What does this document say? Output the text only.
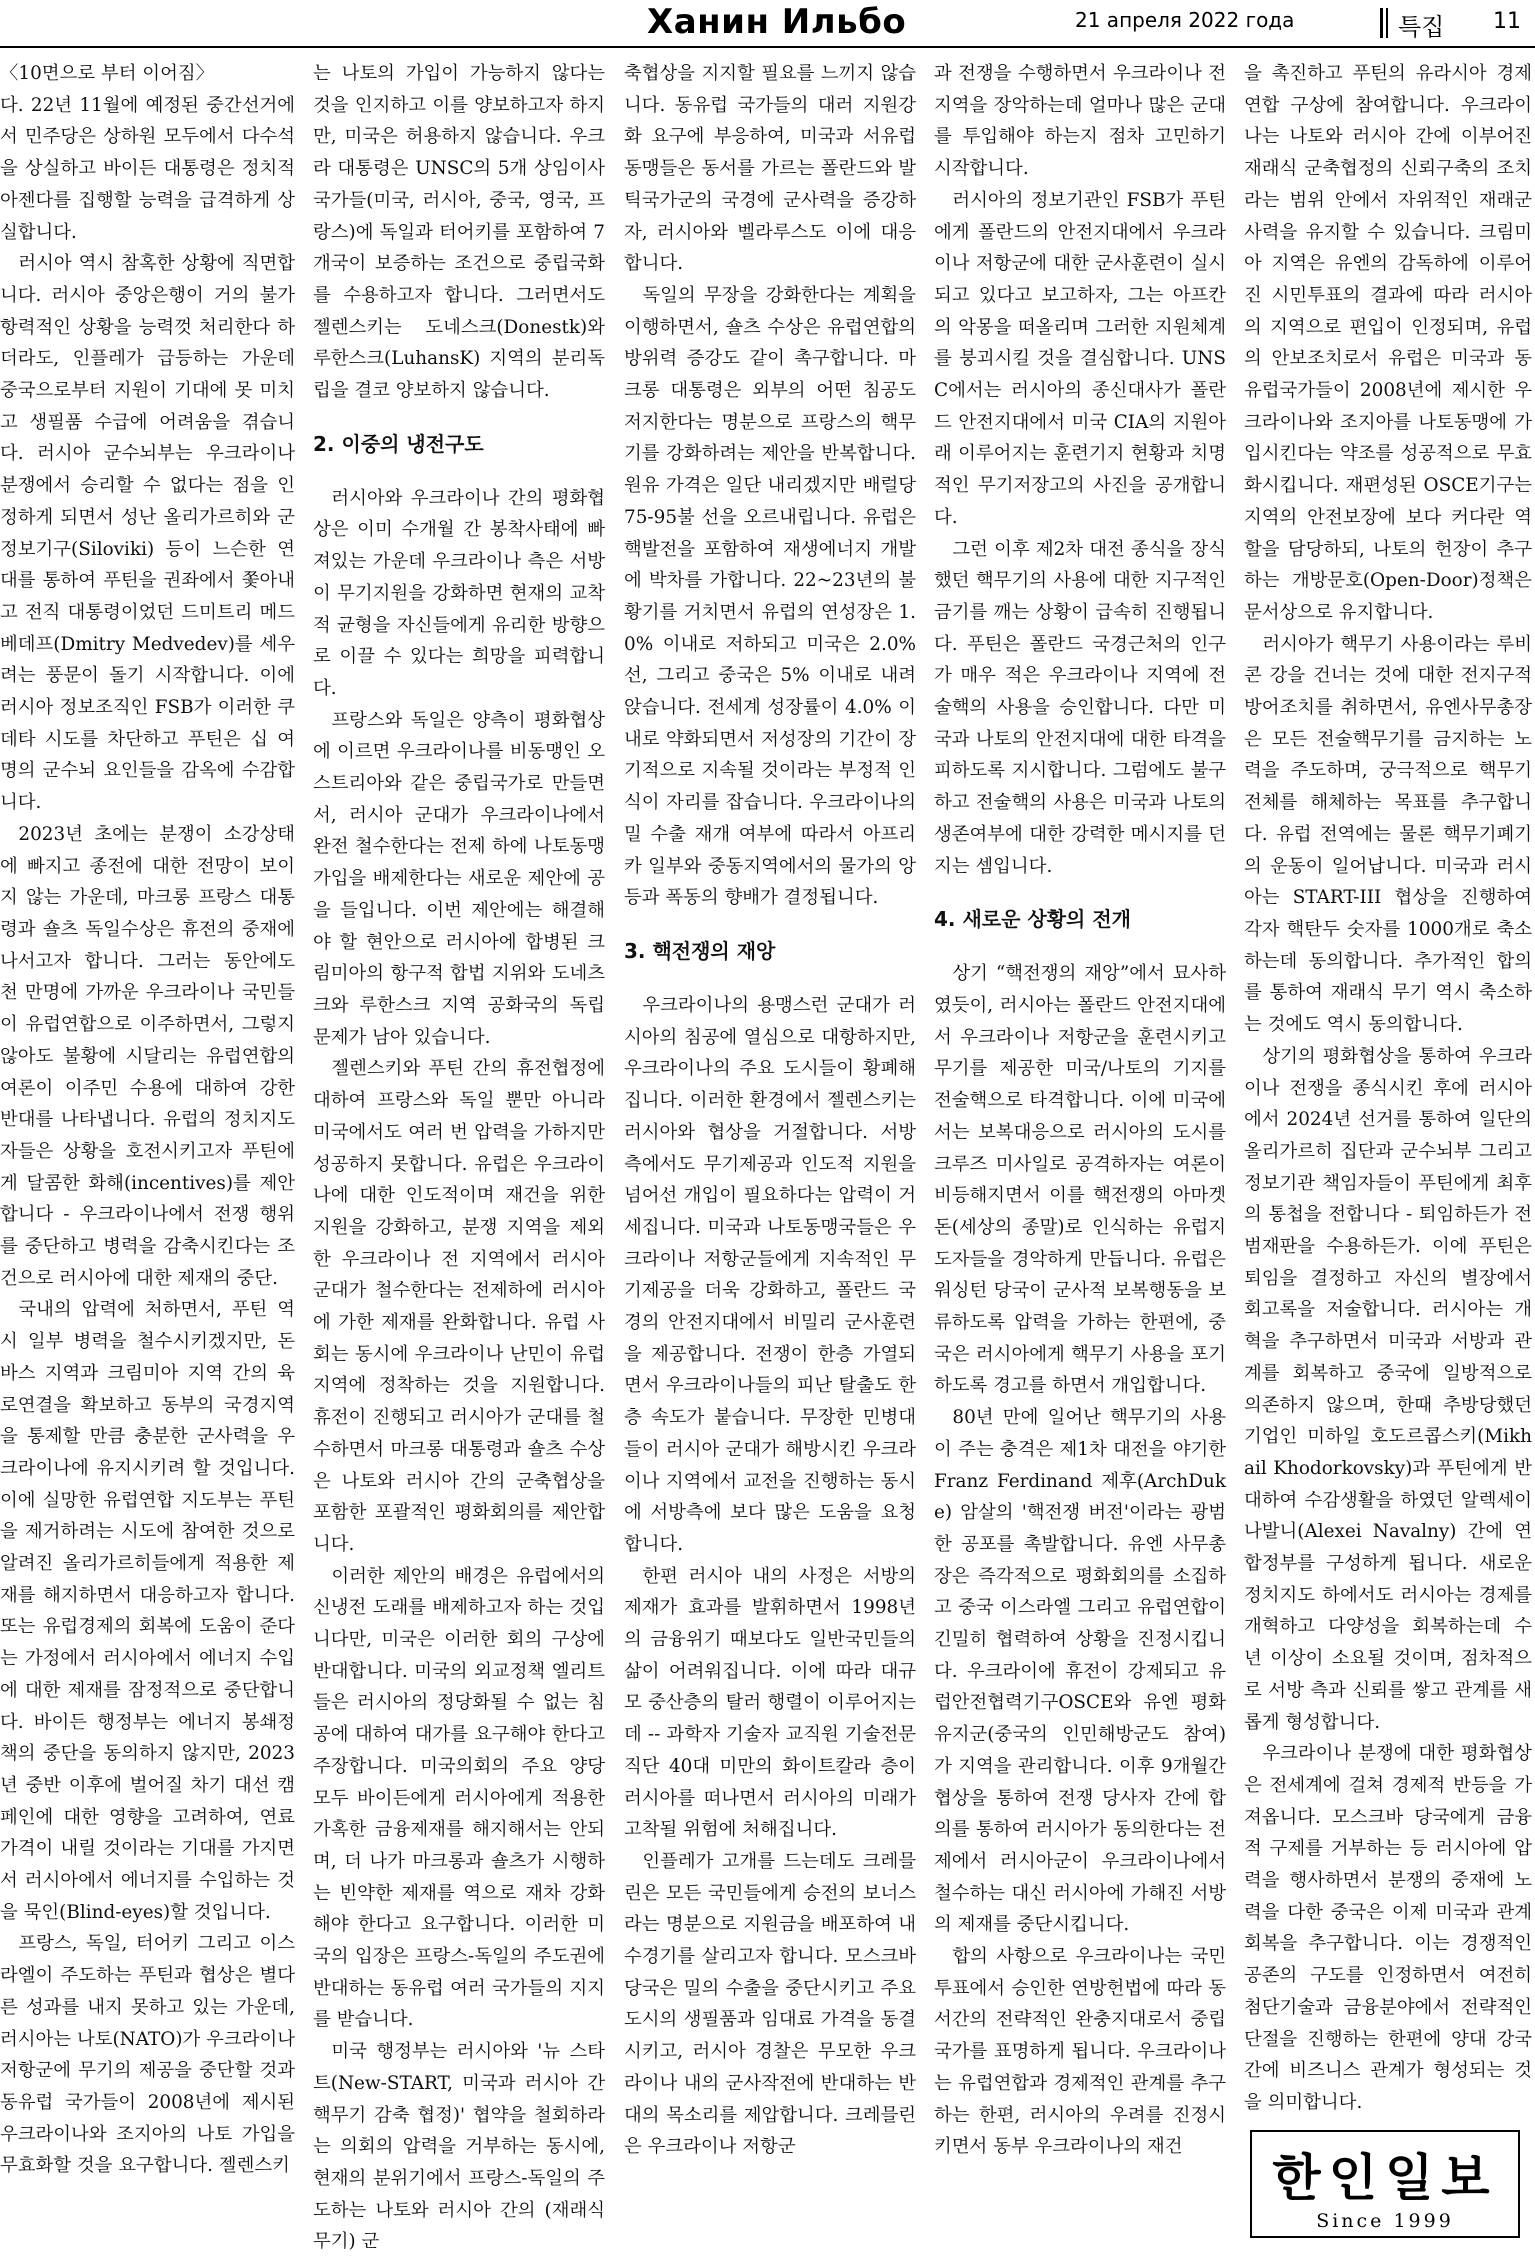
Ханин Ильбо	21 апреля 2022 года	특집 11

〈10면으로 부터 이어짐〉

다. 22년 11월에 예정된 중간선거에서 민주당은 상하원 모두에서 다수석을 상실하고 바이든 대통령은 정치적 아젠다를 집행할 능력을 급격하게 상실합니다.

러시아 역시 참혹한 상황에 직면합니다. 러시아 중앙은행이 거의 불가항력적인 상황을 능력껏 처리한다 하더라도, 인플레가 급등하는 가운데 중국으로부터 지원이 기대에 못 미치고 생필품 수급에 어려움을 겪습니다. 러시아 군수뇌부는 우크라이나 분쟁에서 승리할 수 없다는 점을 인정하게 되면서 성난 올리가르히와 군정보기구(Siloviki) 등이 느슨한 연대를 통하여 푸틴을 권좌에서 쫓아내고 전직 대통령이었던 드미트리 메드베데프(Dmitry Medvedev)를 세우려는 풍문이 돌기 시작합니다. 이에 러시아 정보조직인 FSB가 이러한 쿠데타 시도를 차단하고 푸틴은 십 여명의 군수뇌 요인들을 감옥에 수감합니다.

2023년 초에는 분쟁이 소강상태에 빠지고 종전에 대한 전망이 보이지 않는 가운데, 마크롱 프랑스 대통령과 숄츠 독일수상은 휴전의 중재에 나서고자 합니다. 그러는 동안에도 천 만명에 가까운 우크라이나 국민들이 유럽연합으로 이주하면서, 그렇지 않아도 불황에 시달리는 유럽연합의 여론이 이주민 수용에 대하여 강한 반대를 나타냅니다. 유럽의 정치지도자들은 상황을 호전시키고자 푸틴에게 달콤한 화해(incentives)를 제안합니다 - 우크라이나에서 전쟁 행위를 중단하고 병력을 감축시킨다는 조건으로 러시아에 대한 제재의 중단.

국내의 압력에 처하면서, 푸틴 역시 일부 병력을 철수시키겠지만, 돈바스 지역과 크림미아 지역 간의 육로연결을 확보하고 동부의 국경지역을 통제할 만큼 충분한 군사력을 우크라이나에 유지시키려 할 것입니다. 이에 실망한 유럽연합 지도부는 푸틴을 제거하려는 시도에 참여한 것으로 알려진 올리가르히들에게 적용한 제재를 해지하면서 대응하고자 합니다. 또는 유럽경제의 회복에 도움이 준다는 가정에서 러시아에서 에너지 수입에 대한 제재를 잠정적으로 중단합니다. 바이든 행정부는 에너지 봉쇄정책의 중단을 동의하지 않지만, 2023년 중반 이후에 벌어질 차기 대선 캠페인에 대한 영향을 고려하여, 연료가격이 내릴 것이라는 기대를 가지면서 러시아에서 에너지를 수입하는 것을 묵인(Blind-eyes)할 것입니다.

프랑스, 독일, 터어키 그리고 이스라엘이 주도하는 푸틴과 협상은 별다른 성과를 내지 못하고 있는 가운데, 러시아는 나토(NATO)가 우크라이나 저항군에 무기의 제공을 중단할 것과 동유럽 국가들이 2008년에 제시된 우크라이나와 조지아의 나토 가입을 무효화할 것을 요구합니다. 젤렌스키

는 나토의 가입이 가능하지 않다는 것을 인지하고 이를 양보하고자 하지만, 미국은 허용하지 않습니다. 우크라 대통령은 UNSC의 5개 상임이사 국가들(미국, 러시아, 중국, 영국, 프랑스)에 독일과 터어키를 포함하여 7개국이 보증하는 조건으로 중립국화를 수용하고자 합니다. 그러면서도 젤렌스키는 도네스크(Donestk)와 루한스크(LuhansK) 지역의 분리독립을 결코 양보하지 않습니다.

2. 이중의 냉전구도

러시아와 우크라이나 간의 평화협상은 이미 수개월 간 봉착사태에 빠져있는 가운데 우크라이나 측은 서방이 무기지원을 강화하면 현재의 교착적 균형을 자신들에게 유리한 방향으로 이끌 수 있다는 희망을 피력합니다.

프랑스와 독일은 양측이 평화협상에 이르면 우크라이나를 비동맹인 오스트리아와 같은 중립국가로 만들면서, 러시아 군대가 우크라이나에서 완전 철수한다는 전제 하에 나토동맹 가입을 배제한다는 새로운 제안에 공을 들입니다. 이번 제안에는 해결해야 할 현안으로 러시아에 합병된 크림미아의 항구적 합법 지위와 도네츠크와 루한스크 지역 공화국의 독립 문제가 남아 있습니다.

젤렌스키와 푸틴 간의 휴전협정에 대하여 프랑스와 독일 뿐만 아니라 미국에서도 여러 번 압력을 가하지만 성공하지 못합니다. 유럽은 우크라이나에 대한 인도적이며 재건을 위한 지원을 강화하고, 분쟁 지역을 제외한 우크라이나 전 지역에서 러시아 군대가 철수한다는 전제하에 러시아에 가한 제재를 완화합니다. 유럽 사회는 동시에 우크라이나 난민이 유럽 지역에 정착하는 것을 지원합니다. 휴전이 진행되고 러시아가 군대를 철수하면서 마크롱 대통령과 숄츠 수상은 나토와 러시아 간의 군축협상을 포함한 포괄적인 평화회의를 제안합니다.

이러한 제안의 배경은 유럽에서의 신냉전 도래를 배제하고자 하는 것입니다만, 미국은 이러한 회의 구상에 반대합니다. 미국의 외교정책 엘리트들은 러시아의 정당화될 수 없는 침공에 대하여 대가를 요구해야 한다고 주장합니다. 미국의회의 주요 양당 모두 바이든에게 러시아에게 적용한 가혹한 금융제재를 해지해서는 안되며, 더 나가 마크롱과 숄츠가 시행하는 빈약한 제재를 역으로 재차 강화해야 한다고 요구합니다. 이러한 미국의 입장은 프랑스-독일의 주도권에 반대하는 동유럽 여러 국가들의 지지를 받습니다.

미국 행정부는 러시아와 '뉴 스타트(New-START, 미국과 러시아 간 핵무기 감축 협정)' 협약을 철회하라는 의회의 압력을 거부하는 동시에, 현재의 분위기에서 프랑스-독일의 주도하는 나토와 러시아 간의 (재래식 무기) 군

축협상을 지지할 필요를 느끼지 않습니다. 동유럽 국가들의 대러 지원강화 요구에 부응하여, 미국과 서유럽 동맹들은 동서를 가르는 폴란드와 발틱국가군의 국경에 군사력을 증강하자, 러시아와 벨라루스도 이에 대응합니다.

독일의 무장을 강화한다는 계획을 이행하면서, 숄츠 수상은 유럽연합의 방위력 증강도 같이 촉구합니다. 마크롱 대통령은 외부의 어떤 침공도 저지한다는 명분으로 프랑스의 핵무기를 강화하려는 제안을 반복합니다. 원유 가격은 일단 내리겠지만 배럴당 75-95불 선을 오르내립니다. 유럽은 핵발전을 포함하여 재생에너지 개발에 박차를 가합니다. 22~23년의 불황기를 거치면서 유럽의 연성장은 1.0% 이내로 저하되고 미국은 2.0% 선, 그리고 중국은 5% 이내로 내려 앉습니다. 전세계 성장률이 4.0% 이내로 약화되면서 저성장의 기간이 장기적으로 지속될 것이라는 부정적 인식이 자리를 잡습니다. 우크라이나의 밀 수출 재개 여부에 따라서 아프리카 일부와 중동지역에서의 물가의 앙등과 폭동의 향배가 결정됩니다.

3. 핵전쟁의 재앙

우크라이나의 용맹스런 군대가 러시아의 침공에 열심으로 대항하지만, 우크라이나의 주요 도시들이 황폐해집니다. 이러한 환경에서 젤렌스키는 러시아와 협상을 거절합니다. 서방 측에서도 무기제공과 인도적 지원을 넘어선 개입이 필요하다는 압력이 거세집니다. 미국과 나토동맹국들은 우크라이나 저항군들에게 지속적인 무기제공을 더욱 강화하고, 폴란드 국경의 안전지대에서 비밀리 군사훈련을 제공합니다. 전쟁이 한층 가열되면서 우크라이나들의 피난 탈출도 한층 속도가 붙습니다. 무장한 민병대들이 러시아 군대가 해방시킨 우크라이나 지역에서 교전을 진행하는 동시에 서방측에 보다 많은 도움을 요청합니다.

한편 러시아 내의 사정은 서방의 제재가 효과를 발휘하면서 1998년의 금융위기 때보다도 일반국민들의 삶이 어려워집니다. 이에 따라 대규모 중산층의 탈러 행렬이 이루어지는데 -- 과학자 기술자 교직원 기술전문직단 40대 미만의 화이트칼라 층이 러시아를 떠나면서 러시아의 미래가 고착될 위험에 처해집니다.

인플레가 고개를 드는데도 크레믈린은 모든 국민들에게 승전의 보너스라는 명분으로 지원금을 배포하여 내수경기를 살리고자 합니다. 모스크바 당국은 밀의 수출을 중단시키고 주요 도시의 생필품과 임대료 가격을 동결시키고, 러시아 경찰은 무모한 우크라이나 내의 군사작전에 반대하는 반대의 목소리를 제압합니다. 크레믈린은 우크라이나 저항군

과 전쟁을 수행하면서 우크라이나 전 지역을 장악하는데 얼마나 많은 군대를 투입해야 하는지 점차 고민하기 시작합니다.

러시아의 정보기관인 FSB가 푸틴에게 폴란드의 안전지대에서 우크라이나 저항군에 대한 군사훈련이 실시되고 있다고 보고하자, 그는 아프칸의 악몽을 떠올리며 그러한 지원체계를 붕괴시킬 것을 결심합니다. UNSC에서는 러시아의 종신대사가 폴란드 안전지대에서 미국 CIA의 지원아래 이루어지는 훈련기지 현황과 치명적인 무기저장고의 사진을 공개합니다.

그런 이후 제2차 대전 종식을 장식했던 핵무기의 사용에 대한 지구적인 금기를 깨는 상황이 급속히 진행됩니다. 푸틴은 폴란드 국경근처의 인구가 매우 적은 우크라이나 지역에 전술핵의 사용을 승인합니다. 다만 미국과 나토의 안전지대에 대한 타격을 피하도록 지시합니다. 그럼에도 불구하고 전술핵의 사용은 미국과 나토의 생존여부에 대한 강력한 메시지를 던지는 셈입니다.

4. 새로운 상황의 전개

상기 “핵전쟁의 재앙”에서 묘사하였듯이, 러시아는 폴란드 안전지대에서 우크라이나 저항군을 훈련시키고 무기를 제공한 미국/나토의 기지를 전술핵으로 타격합니다. 이에 미국에서는 보복대응으로 러시아의 도시를 크루즈 미사일로 공격하자는 여론이 비등해지면서 이를 핵전쟁의 아마겟돈(세상의 종말)로 인식하는 유럽지도자들을 경악하게 만듭니다. 유럽은 워싱턴 당국이 군사적 보복행동을 보류하도록 압력을 가하는 한편에, 중국은 러시아에게 핵무기 사용을 포기하도록 경고를 하면서 개입합니다.

80년 만에 일어난 핵무기의 사용이 주는 충격은 제1차 대전을 야기한 Franz Ferdinand 제후(ArchDuke) 암살의 '핵전쟁 버전'이라는 광범한 공포를 촉발합니다. 유엔 사무총장은 즉각적으로 평화회의를 소집하고 중국 이스라엘 그리고 유럽연합이 긴밀히 협력하여 상황을 진정시킵니다. 우크라이에 휴전이 강제되고 유럽안전협력기구OSCE와 유엔 평화유지군(중국의 인민해방군도 참여)가 지역을 관리합니다. 이후 9개월간 협상을 통하여 전쟁 당사자 간에 합의를 통하여 러시아가 동의한다는 전제에서 러시아군이 우크라이나에서 철수하는 대신 러시아에 가해진 서방의 제재를 중단시킵니다.

합의 사항으로 우크라이나는 국민투표에서 승인한 연방헌법에 따라 동서간의 전략적인 완충지대로서 중립국가를 표명하게 됩니다. 우크라이나는 유럽연합과 경제적인 관계를 추구하는 한편, 러시아의 우려를 진정시키면서 동부 우크라이나의 재건

을 촉진하고 푸틴의 유라시아 경제연합 구상에 참여합니다. 우크라이나는 나토와 러시아 간에 이부어진 재래식 군축협정의 신뢰구축의 조치라는 범위 안에서 자위적인 재래군사력을 유지할 수 있습니다. 크림미아 지역은 유엔의 감독하에 이루어진 시민투표의 결과에 따라 러시아의 지역으로 편입이 인정되며, 유럽의 안보조치로서 유럽은 미국과 동유럽국가들이 2008년에 제시한 우크라이나와 조지아를 나토동맹에 가입시킨다는 약조를 성공적으로 무효화시킵니다. 재편성된 OSCE기구는 지역의 안전보장에 보다 커다란 역할을 담당하되, 나토의 헌장이 추구하는 개방문호(Open-Door)정책은 문서상으로 유지합니다.

러시아가 핵무기 사용이라는 루비콘 강을 건너는 것에 대한 전지구적 방어조치를 취하면서, 유엔사무총장은 모든 전술핵무기를 금지하는 노력을 주도하며, 궁극적으로 핵무기 전체를 해체하는 목표를 추구합니다. 유럽 전역에는 물론 핵무기폐기의 운동이 일어납니다. 미국과 러시아는 START-III 협상을 진행하여 각자 핵탄두 숫자를 1000개로 축소하는데 동의합니다. 추가적인 합의를 통하여 재래식 무기 역시 축소하는 것에도 역시 동의합니다.

상기의 평화협상을 통하여 우크라이나 전쟁을 종식시킨 후에 러시아에서 2024년 선거를 통하여 일단의 올리가르히 집단과 군수뇌부 그리고 정보기관 책임자들이 푸틴에게 최후의 통첩을 전합니다 - 퇴임하든가 전범재판을 수용하든가. 이에 푸틴은 퇴임을 결정하고 자신의 별장에서 회고록을 저술합니다. 러시아는 개혁을 추구하면서 미국과 서방과 관계를 회복하고 중국에 일방적으로 의존하지 않으며, 한때 추방당했던 기업인 미하일 호도르콥스키(Mikhail Khodorkovsky)과 푸틴에게 반대하여 수감생활을 하였던 알렉세이 나발니(Alexei Navalny) 간에 연합정부를 구성하게 됩니다. 새로운 정치지도 하에서도 러시아는 경제를 개혁하고 다양성을 회복하는데 수 년 이상이 소요될 것이며, 점차적으로 서방 측과 신뢰를 쌓고 관계를 새롭게 형성합니다.

우크라이나 분쟁에 대한 평화협상은 전세계에 걸쳐 경제적 반등을 가져옵니다. 모스크바 당국에게 금융적 구제를 거부하는 등 러시아에 압력을 행사하면서 분쟁의 중재에 노력을 다한 중국은 이제 미국과 관계회복을 추구합니다. 이는 경쟁적인 공존의 구도를 인정하면서 여전히 첨단기술과 금융분야에서 전략적인 단절을 진행하는 한편에 양대 강국 간에 비즈니스 관계가 형성되는 것을 의미합니다.

한인일보
Since 1999
